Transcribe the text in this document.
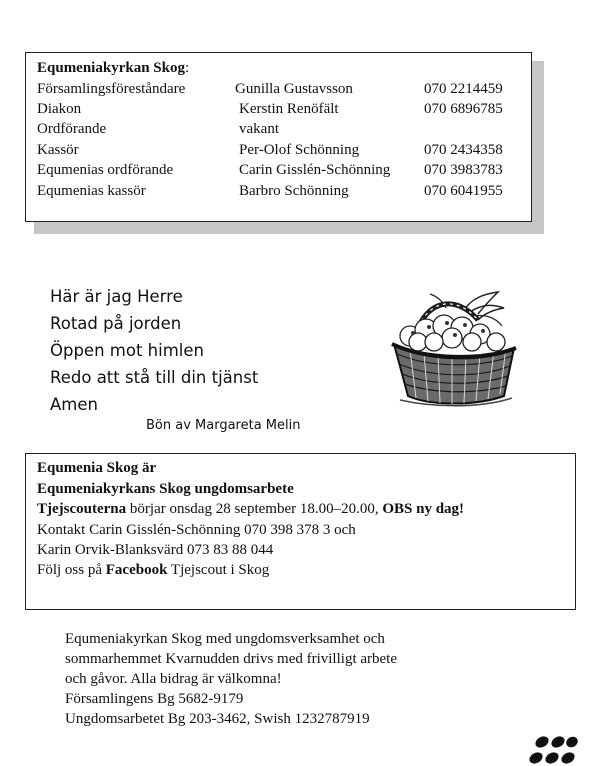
Equmeniakyrkan Skog:
Församlingsföreståndare	Gunilla Gustavsson	070 2214459
Diakon	Kerstin Renöfält	070 6896785
Ordförande	vakant
Kassör	Per-Olof Schönning	070 2434358
Equmenias ordförande	Carin Gisslén-Schönning 070 3983783
Equmenias kassör	Barbro Schönning	070 6041955
Här är jag Herre
Rotad på jorden
Öppen mot himlen
Redo att stå till din tjänst
Amen
Bön av Margareta Melin
Equmenia Skog är
Equmeniakyrkans Skog ungdomsarbete
Tjejscouterna börjar onsdag 28 september 18.00–20.00, OBS ny dag!
Kontakt Carin Gisslén-Schönning 070 398 378 3 och
Karin Orvik-Blanksvärd 073 83 88 044
Följ oss på Facebook Tjejscout i Skog
Equmeniakyrkan Skog med ungdomsverksamhet och
sommarhemmet Kvarnudden drivs med frivilligt arbete
och gåvor. Alla bidrag är välkomna!
Församlingens Bg 5682-9179
Ungdomsarbetet Bg 203-3462, Swish 1232787919
